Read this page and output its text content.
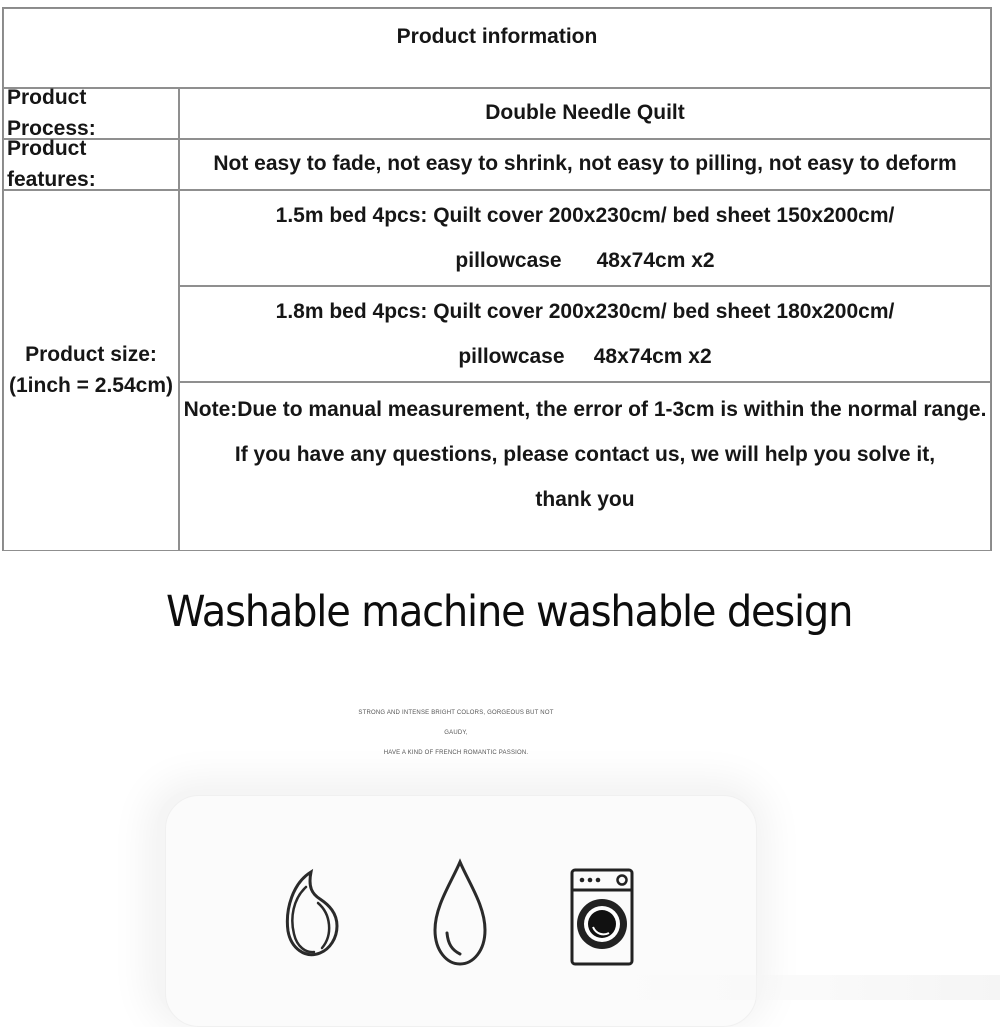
Product information
Product Process:
Double Needle Quilt
Product features:
Not easy to fade, not easy to shrink, not easy to pilling, not easy to deform
Product size:
(1inch = 2.54cm)
1.5m bed 4pcs: Quilt cover 200x230cm/ bed sheet 150x200cm/
pillowcase      48x74cm x2
1.8m bed 4pcs: Quilt cover 200x230cm/ bed sheet 180x200cm/
pillowcase     48x74cm x2
Note:Due to manual measurement, the error of 1-3cm is within the normal range.
If you have any questions, please contact us, we will help you solve it,
thank you
Washable machine washable design
STRONG AND INTENSE BRIGHT COLORS, GORGEOUS BUT NOT GAUDY,
HAVE A KIND OF FRENCH ROMANTIC PASSION.
